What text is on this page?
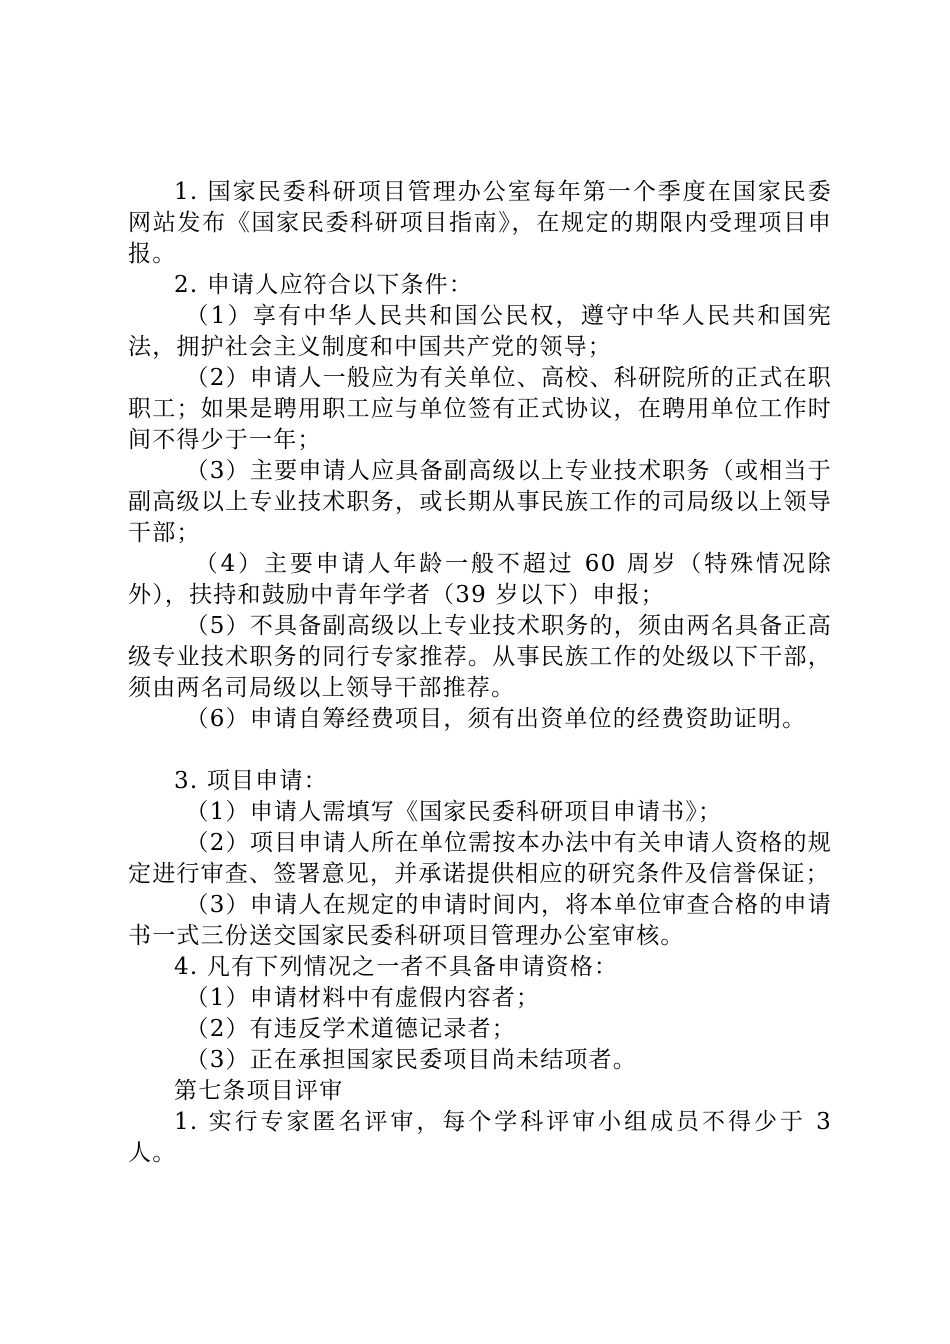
1. 国家民委科研项目管理办公室每年第一个季度在国家民委网站发布《国家民委科研项目指南》，在规定的期限内受理项目申报。

2. 申请人应符合以下条件：

（1）享有中华人民共和国公民权，遵守中华人民共和国宪法，拥护社会主义制度和中国共产党的领导；

（2）申请人一般应为有关单位、高校、科研院所的正式在职职工；如果是聘用职工应与单位签有正式协议，在聘用单位工作时间不得少于一年；

（3）主要申请人应具备副高级以上专业技术职务（或相当于副高级以上专业技术职务，或长期从事民族工作的司局级以上领导干部；

（4）主要申请人年龄一般不超过 60 周岁（特殊情况除外），扶持和鼓励中青年学者（39 岁以下）申报；

（5）不具备副高级以上专业技术职务的，须由两名具备正高级专业技术职务的同行专家推荐。从事民族工作的处级以下干部，须由两名司局级以上领导干部推荐。

（6）申请自筹经费项目，须有出资单位的经费资助证明。

3. 项目申请：

（1）申请人需填写《国家民委科研项目申请书》；

（2）项目申请人所在单位需按本办法中有关申请人资格的规定进行审查、签署意见，并承诺提供相应的研究条件及信誉保证；

（3）申请人在规定的申请时间内，将本单位审查合格的申请书一式三份送交国家民委科研项目管理办公室审核。

4. 凡有下列情况之一者不具备申请资格：

（1）申请材料中有虚假内容者；

（2）有违反学术道德记录者；

（3）正在承担国家民委项目尚未结项者。

第七条项目评审

1. 实行专家匿名评审，每个学科评审小组成员不得少于 3 人。
